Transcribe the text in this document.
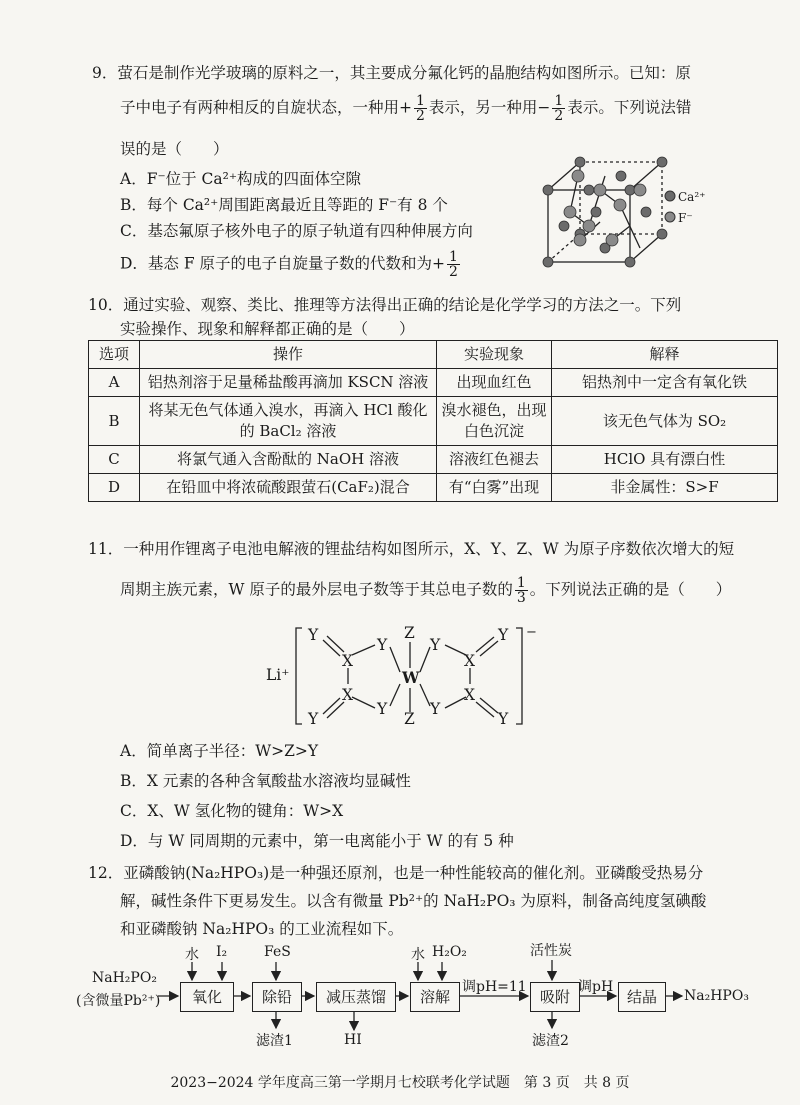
9．萤石是制作光学玻璃的原料之一，其主要成分氟化钙的晶胞结构如图所示。已知：原
子中电子有两种相反的自旋状态，一种用+ $\frac{1}{2}$ 表示，另一种用− $\frac{1}{2}$ 表示。下列说法错
误的是（　　）
A．F⁻位于 Ca²⁺构成的四面体空隙
B．每个 Ca²⁺周围距离最近且等距的 F⁻有 8 个
C．基态氟原子核外电子的原子轨道有四种伸展方向
D．基态 F 原子的电子自旋量子数的代数和为+ $\frac{1}{2}$
Ca²⁺
F⁻
10．通过实验、观察、类比、推理等方法得出正确的结论是化学学习的方法之一。下列
实验操作、现象和解释都正确的是（　　）
选项	操作	实验现象	解释
A	铝热剂溶于足量稀盐酸再滴加 KSCN 溶液	出现血红色	铝热剂中一定含有氧化铁
B	将某无色气体通入溴水，再滴入 HCl 酸化的 BaCl₂ 溶液	溴水褪色，出现白色沉淀	该无色气体为 SO₂
C	将氯气通入含酚酞的 NaOH 溶液	溶液红色褪去	HClO 具有漂白性
D	在铅皿中将浓硫酸跟萤石(CaF₂)混合	有“白雾”出现	非金属性：S>F
11．一种用作锂离子电池电解液的锂盐结构如图所示，X、Y、Z、W 为原子序数依次增大的短
周期主族元素，W 原子的最外层电子数等于其总电子数的 $\frac{1}{3}$ 。下列说法正确的是（　　）
Li⁺
−
Y
X
Y
Z
W
Y
X
Y
X	X
Y
Y
Z
Y
Y
A．简单离子半径：W>Z>Y
B．X 元素的各种含氧酸盐水溶液均显碱性
C．X、W 氢化物的键角：W>X
D．与 W 同周期的元素中，第一电离能小于 W 的有 5 种
12．亚磷酸钠(Na₂HPO₃)是一种强还原剂，也是一种性能较高的催化剂。亚磷酸受热易分
解，碱性条件下更易发生。以含有微量 Pb²⁺的 NaH₂PO₃ 为原料，制备高纯度氢碘酸
和亚磷酸钠 Na₂HPO₃ 的工业流程如下。
NaH₂PO₂
(含微量Pb²⁺)	氧化	除铅	减压蒸馏	溶解	吸附	结晶
水 I₂	FeS	水 H₂O₂	活性炭
调pH=11	调pH
滤渣1	HI	滤渣2
Na₂HPO₃
2023−2024 学年度高三第一学期月七校联考化学试题　第 3 页　共 8 页
